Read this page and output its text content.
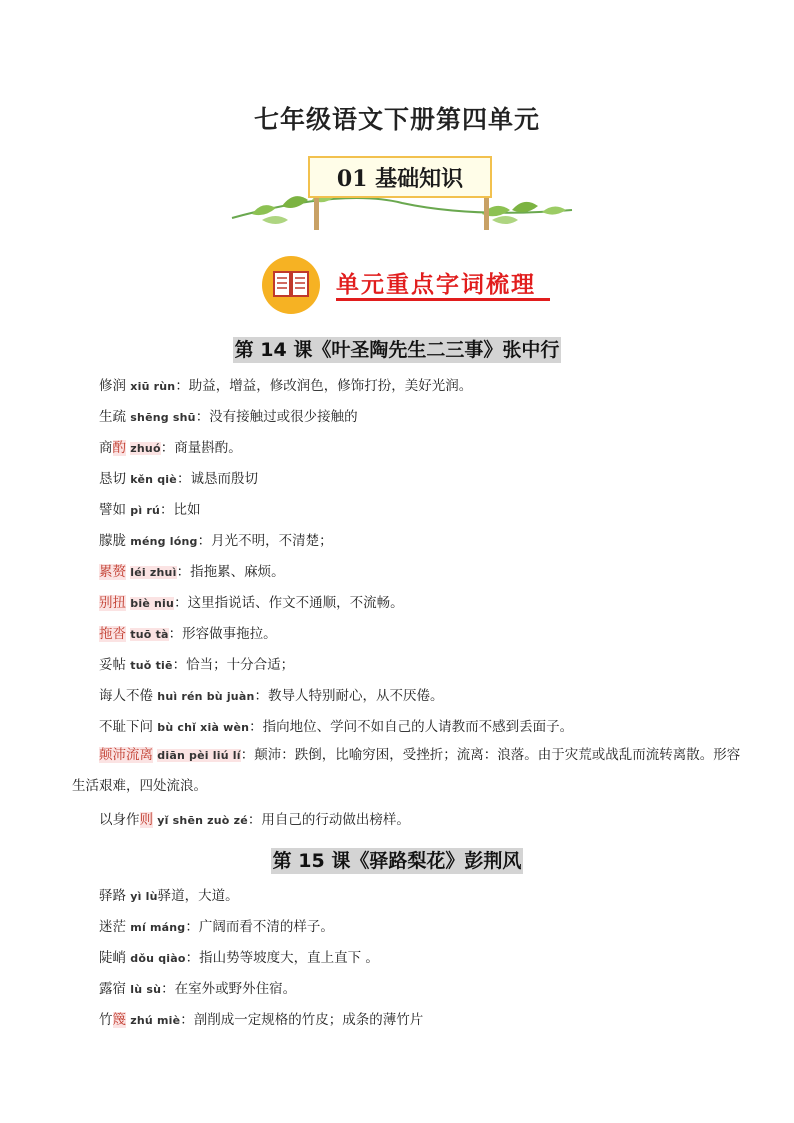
七年级语文下册第四单元
01 基础知识
单元重点字词梳理
第 14 课《叶圣陶先生二三事》张中行
修润 xiū rùn：助益，增益，修改润色，修饰打扮，美好光润。
生疏 shēng shū：没有接触过或很少接触的
商酌 zhuó：商量斟酌。
恳切 kěn qiè：诚恳而殷切
譬如 pì rú：比如
朦胧 méng lóng：月光不明，不清楚；
累赘 léi zhuì：指拖累、麻烦。
别扭 biè niu：这里指说话、作文不通顺，不流畅。
拖沓 tuō tà：形容做事拖拉。
妥帖 tuǒ tiē：恰当；十分合适；
诲人不倦 huì rén bù juàn：教导人特别耐心，从不厌倦。
不耻下问 bù chǐ xià wèn：指向地位、学问不如自己的人请教而不感到丢面子。
颠沛流离 diān pèi liú lí：颠沛：跌倒，比喻穷困，受挫折；流离：浪落。由于灾荒或战乱而流转离散。形容生活艰难，四处流浪。
以身作则 yǐ shēn zuò zé：用自己的行动做出榜样。
第 15 课《驿路梨花》彭荆风
驿路 yì lù驿道，大道。
迷茫 mí máng：广阔而看不清的样子。
陡峭 dǒu qiào：指山势等坡度大，直上直下 。
露宿 lù sù：在室外或野外住宿。
竹篾 zhú miè：剖削成一定规格的竹皮；成条的薄竹片
